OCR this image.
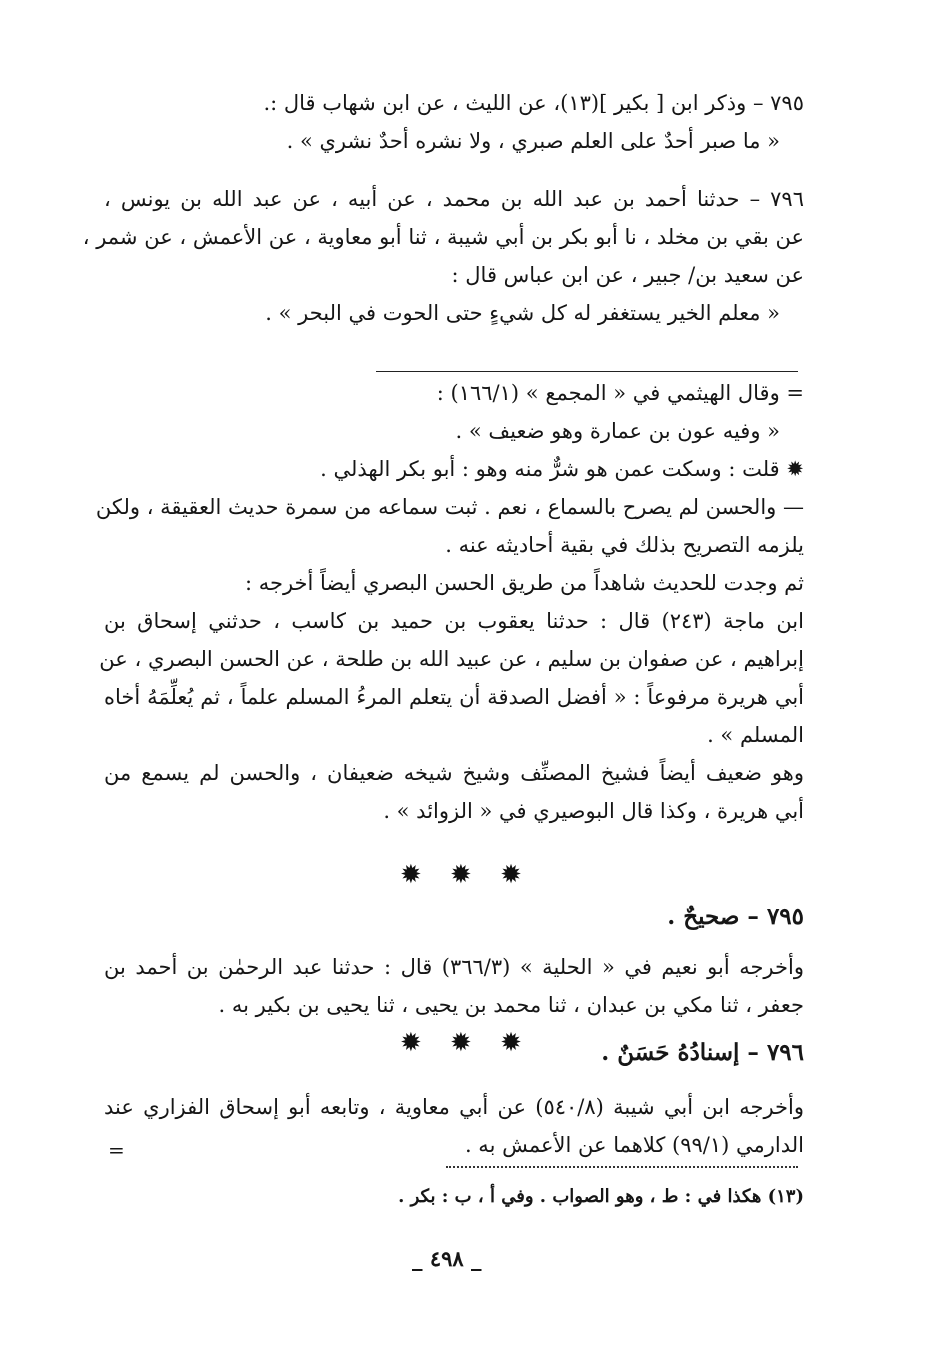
٧٩٥ – وذكر ابن [ بكير ](١٣)، عن الليث ، عن ابن شهاب قال :.
« ما صبر أحدٌ على العلم صبري ، ولا نشره أحدٌ نشري » .
٧٩٦ – حدثنا أحمد بن عبد الله بن محمد ، عن أبيه ، عن عبد الله بن يونس ،
عن بقي بن مخلد ، نا أبو بكر بن أبي شيبة ، ثنا أبو معاوية ، عن الأعمش ، عن شمر ،
عن سعيد بن/ جبير ، عن ابن عباس قال :
« معلم الخير يستغفر له كل شيءٍ حتى الحوت في البحر » .
= وقال الهيثمي في « المجمع » (١٦٦/١) :
« وفيه عون بن عمارة وهو ضعيف » .
✹ قلت : وسكت عمن هو شرٌّ منه وهو : أبو بكر الهذلي .
— والحسن لم يصرح بالسماع ، نعم . ثبت سماعه من سمرة حديث العقيقة ، ولكن
يلزمه التصريح بذلك في بقية أحاديثه عنه .
ثم وجدت للحديث شاهداً من طريق الحسن البصري أيضاً أخرجه :
ابن ماجة (٢٤٣) قال : حدثنا يعقوب بن حميد بن كاسب ، حدثني إسحاق بن
إبراهيم ، عن صفوان بن سليم ، عن عبيد الله بن طلحة ، عن الحسن البصري ، عن
أبي هريرة مرفوعاً : « أفضل الصدقة أن يتعلم المرءُ المسلم علماً ، ثم يُعلِّمَهُ أخاه
المسلم » .
وهو ضعيف أيضاً فشيخ المصنِّف وشيخ شيخه ضعيفان ، والحسن لم يسمع من
أبي هريرة ، وكذا قال البوصيري في « الزوائد » .
✹ ✹ ✹
٧٩٥ – صحيحٌ .
وأخرجه أبو نعيم في « الحلية » (٣٦٦/٣) قال : حدثنا عبد الرحمٰن بن أحمد بن
جعفر ، ثنا مكي بن عبدان ، ثنا محمد بن يحيى ، ثنا يحيى بن بكير به .
٧٩٦ – إسنادُهُ حَسَنٌ .
✹ ✹ ✹
وأخرجه ابن أبي شيبة (٥٤٠/٨) عن أبي معاوية ، وتابعه أبو إسحاق الفزاري عند
الدارمي (٩٩/١) كلاهما عن الأعمش به .
=
(١٣) هكذا في : ط ، وهو الصواب . وفي أ ، ب : بكر .
_ ٤٩٨ _
